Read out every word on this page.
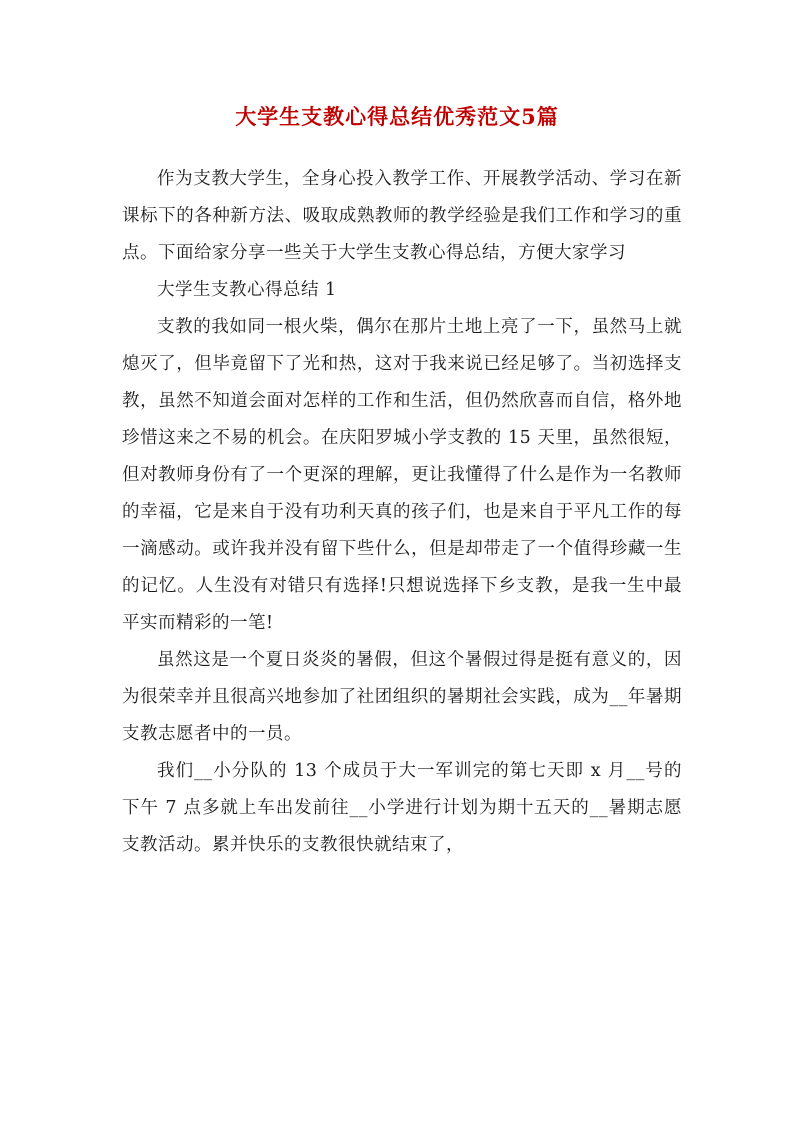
大学生支教心得总结优秀范文5篇

作为支教大学生，全身心投入教学工作、开展教学活动、学习在新课标下的各种新方法、吸取成熟教师的教学经验是我们工作和学习的重点。下面给家分享一些关于大学生支教心得总结，方便大家学习

大学生支教心得总结 1

支教的我如同一根火柴，偶尔在那片土地上亮了一下，虽然马上就熄灭了，但毕竟留下了光和热，这对于我来说已经足够了。当初选择支教，虽然不知道会面对怎样的工作和生活，但仍然欣喜而自信，格外地珍惜这来之不易的机会。在庆阳罗城小学支教的 15 天里，虽然很短，但对教师身份有了一个更深的理解，更让我懂得了什么是作为一名教师的幸福，它是来自于没有功利天真的孩子们，也是来自于平凡工作的每一滴感动。或许我并没有留下些什么，但是却带走了一个值得珍藏一生的记忆。人生没有对错只有选择!只想说选择下乡支教，是我一生中最平实而精彩的一笔!

虽然这是一个夏日炎炎的暑假，但这个暑假过得是挺有意义的，因为很荣幸并且很高兴地参加了社团组织的暑期社会实践，成为__年暑期支教志愿者中的一员。

我们__小分队的 13 个成员于大一军训完的第七天即 x 月__号的下午 7 点多就上车出发前往__小学进行计划为期十五天的__暑期志愿支教活动。累并快乐的支教很快就结束了，
